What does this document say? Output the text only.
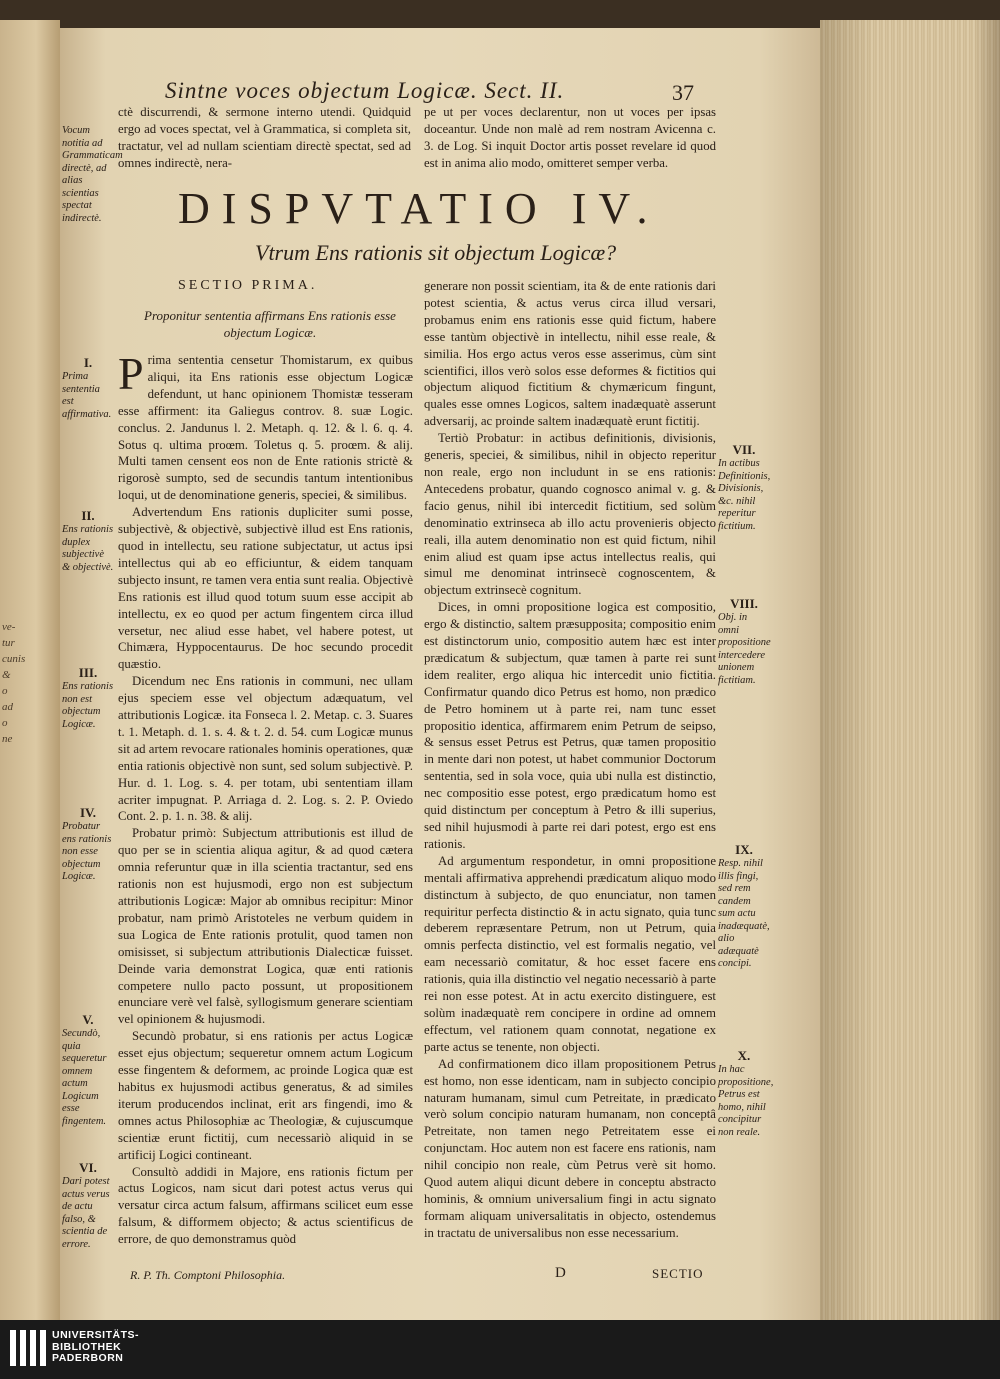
ve-
tur
cunis
&
o
ad
o
ne
Sintne voces objectum Logicæ. Sect. II.	37
Vocum notitia ad Grammaticam directè, ad alias scientias spectat indirectè.
ctè discurrendi, & sermone interno utendi. Quidquid ergo ad voces spectat, vel à Grammatica, si completa sit, tractatur, vel ad nullam scientiam directè spectat, sed ad omnes indirectè, nera-
pe ut per voces declarentur, non ut voces per ipsas doceantur. Unde non malè ad rem nostram Avicenna c. 3. de Log. Si inquit Doctor artis posset revelare id quod est in anima alio modo, omitteret semper verba.
DISPVTATIO IV.
Vtrum Ens rationis sit objectum Logicæ?
SECTIO PRIMA.
Proponitur sententia affirmans Ens rationis esse objectum Logicæ.

Prima sententia censetur Thomistarum, ex quibus aliqui, ita Ens rationis esse objectum Logicæ defendunt, ut hanc opinionem Thomistæ tesseram esse affirment: ita Galiegus controv. 8. suæ Logic. conclus. 2. Jandunus l. 2. Metaph. q. 12. & l. 6. q. 4. Sotus q. ultima proœm. Toletus q. 5. proœm. & alij. Multi tamen censent eos non de Ente rationis strictè & rigorosè sumpto, sed de secundis tantum intentionibus loqui, ut de denominatione generis, speciei, & similibus.

Advertendum Ens rationis dupliciter sumi posse, subjectivè, & objectivè, subjectivè illud est Ens rationis, quod in intellectu, seu ratione subjectatur, ut actus ipsi intellectus qui ab eo efficiuntur, & eidem tanquam subjecto insunt, re tamen vera entia sunt realia. Objectivè Ens rationis est illud quod totum suum esse accipit ab intellectu, ex eo quod per actum fingentem circa illud versetur, nec aliud esse habet, vel habere potest, ut Chimæra, Hyppocentaurus. De hoc secundo procedit quæstio.

Dicendum nec Ens rationis in communi, nec ullam ejus speciem esse vel objectum adæquatum, vel attributionis Logicæ. ita Fonseca l. 2. Metap. c. 3. Suares t. 1. Metaph. d. 1. s. 4. & t. 2. d. 54. cum Logicæ munus sit ad artem revocare rationales hominis operationes, quæ entia rationis objectivè non sunt, sed solum subjectivè. P. Hur. d. 1. Log. s. 4. per totam, ubi sententiam illam acriter impugnat. P. Arriaga d. 2. Log. s. 2. P. Oviedo Cont. 2. p. 1. n. 38. & alij.

Probatur primò: Subjectum attributionis est illud de quo per se in scientia aliqua agitur, & ad quod cætera omnia referuntur quæ in illa scientia tractantur, sed ens rationis non est hujusmodi, ergo non est subjectum attributionis Logicæ: Major ab omnibus recipitur: Minor probatur, nam primò Aristoteles ne verbum quidem in sua Logica de Ente rationis protulit, quod tamen non omisisset, si subjectum attributionis Dialecticæ fuisset. Deinde varia demonstrat Logica, quæ enti rationis competere nullo pacto possunt, ut propositionem enunciare verè vel falsè, syllogismum generare scientiam vel opinionem & hujusmodi.

Secundò probatur, si ens rationis per actus Logicæ esset ejus objectum; sequeretur omnem actum Logicum esse fingentem & deformem, ac proinde Logica quæ est habitus ex hujusmodi actibus generatus, & ad similes iterum producendos inclinat, erit ars fingendi, imo & omnes actus Philosophiæ ac Theologiæ, & cujuscumque scientiæ erunt fictitij, cum necessariò aliquid in se artificij Logici contineant.

Consultò addidi in Majore, ens rationis fictum per actus Logicos, nam sicut dari potest actus verus qui versatur circa actum falsum, affirmans scilicet eum esse falsum, & difformem objecto; & actus scientificus de errore, de quo demonstramus quòd

generare non possit scientiam, ita & de ente rationis dari potest scientia, & actus verus circa illud versari, probamus enim ens rationis esse quid fictum, habere esse tantùm objectivè in intellectu, nihil esse reale, & similia. Hos ergo actus veros esse asserimus, cùm sint scientifici, illos verò solos esse deformes & fictitios qui objectum aliquod fictitium & chymæricum fingunt, quales esse omnes Logicos, saltem inadæquatè asserunt adversarij, ac proinde saltem inadæquatè erunt fictitij.

Tertiò Probatur: in actibus definitionis, divisionis, generis, speciei, & similibus, nihil in objecto reperitur non reale, ergo non includunt in se ens rationis: Antecedens probatur, quando cognosco animal v. g. & facio genus, nihil ibi intercedit fictitium, sed solùm denominatio extrinseca ab illo actu provenieris objecto reali, illa autem denominatio non est quid fictum, nihil enim aliud est quam ipse actus intellectus realis, qui simul me denominat intrinsecè cognoscentem, & objectum extrinsecè cognitum.

Dices, in omni propositione logica est compositio, ergo & distinctio, saltem præsupposita; compositio enim est distinctorum unio, compositio autem hæc est inter prædicatum & subjectum, quæ tamen à parte rei sunt idem realiter, ergo aliqua hic intercedit unio fictitia. Confirmatur quando dico Petrus est homo, non prædico de Petro hominem ut à parte rei, nam tunc esset propositio identica, affirmarem enim Petrum de seipso, & sensus esset Petrus est Petrus, quæ tamen propositio in mente dari non potest, ut habet communior Doctorum sententia, sed in sola voce, quia ubi nulla est distinctio, nec compositio esse potest, ergo prædicatum homo est quid distinctum per conceptum à Petro & illi superius, sed nihil hujusmodi à parte rei dari potest, ergo est ens rationis.

Ad argumentum respondetur, in omni propositione mentali affirmativa apprehendi prædicatum aliquo modo distinctum à subjecto, de quo enunciatur, non tamen requiritur perfecta distinctio & in actu signato, quia tunc deberem repræsentare Petrum, non ut Petrum, quia omnis perfecta distinctio, vel est formalis negatio, vel eam necessariò comitatur, & hoc esset facere ens rationis, quia illa distinctio vel negatio necessariò à parte rei non esse potest. At in actu exercito distinguere, est solùm inadæquatè rem concipere in ordine ad omnem effectum, vel rationem quam connotat, negatione ex parte actus se tenente, non objecti.

Ad confirmationem dico illam propositionem Petrus est homo, non esse identicam, nam in subjecto concipio naturam humanam, simul cum Petreitate, in prædicato verò solum concipio naturam humanam, non conceptâ Petreitate, non tamen nego Petreitatem esse ei conjunctam. Hoc autem non est facere ens rationis, nam nihil concipio non reale, cùm Petrus verè sit homo. Quod autem aliqui dicunt debere in conceptu abstracto hominis, & omnium universalium fingi in actu signato formam aliquam universalitatis in objecto, ostendemus in tractatu de universalibus non esse necessarium.

I.
Prima sententia est affirmativa.
II.
Ens rationis duplex subjectivè & objectivè.
III.
Ens rationis non est objectum Logicæ.
IV.
Probatur ens rationis non esse objectum Logicæ.
V.
Secundò, quia sequeretur omnem actum Logicum esse fingentem.
VI.
Dari potest actus verus de actu falso, & scientia de errore.
VII.
In actibus Definitionis, Divisionis, &c. nihil reperitur fictitium.
VIII.
Obj. in omni propositione intercedere unionem fictitiam.
IX.
Resp. nihil illis fingi, sed rem candem sum actu inadæquatè, alio adæquatè concipi.
X.
In hac propositione, Petrus est homo, nihil concipitur non reale.
R. P. Th. Comptoni Philosophia.	D	SECTIO
UNIVERSITÄTS-
BIBLIOTHEK
PADERBORN
